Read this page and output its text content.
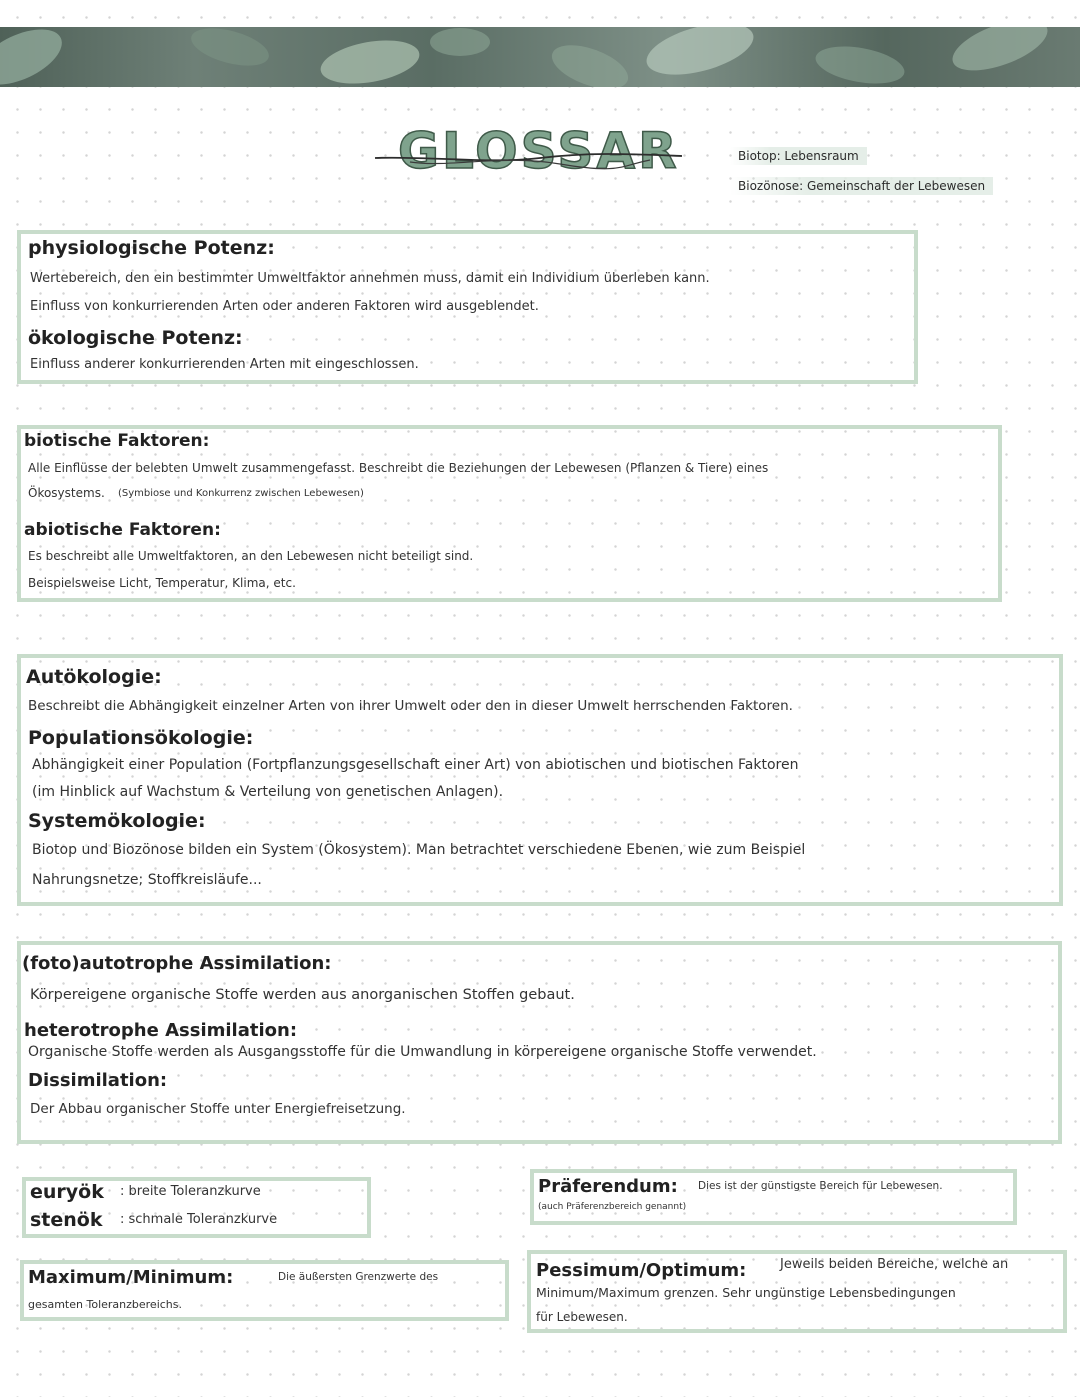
GLOSSAR	Biotop: Lebensraum
Biozönose: Gemeinschaft der Lebewesen
physiologische Potenz:
Wertebereich, den ein bestimmter Umweltfaktor annehmen muss, damit ein Individium überleben kann.
Einfluss von konkurrierenden Arten oder anderen Faktoren wird ausgeblendet.
ökologische Potenz:
Einfluss anderer konkurrierenden Arten mit eingeschlossen.
biotische Faktoren:
Alle Einflüsse der belebten Umwelt zusammengefasst. Beschreibt die Beziehungen der Lebewesen (Pflanzen & Tiere) eines
Ökosystems. (Symbiose und Konkurrenz zwischen Lebewesen)
abiotische Faktoren:
Es beschreibt alle Umweltfaktoren, an den Lebewesen nicht beteiligt sind.
Beispielsweise Licht, Temperatur, Klima, etc.
Autökologie:
Beschreibt die Abhängigkeit einzelner Arten von ihrer Umwelt oder den in dieser Umwelt herrschenden Faktoren.
Populationsökologie:
Abhängigkeit einer Population (Fortpflanzungsgesellschaft einer Art) von abiotischen und biotischen Faktoren
(im Hinblick auf Wachstum & Verteilung von genetischen Anlagen).
Systemökologie:
Biotop und Biozönose bilden ein System (Ökosystem). Man betrachtet verschiedene Ebenen, wie zum Beispiel
Nahrungsnetze; Stoffkreisläufe...
(foto)autotrophe Assimilation:
Körpereigene organische Stoffe werden aus anorganischen Stoffen gebaut.
heterotrophe Assimilation:
Organische Stoffe werden als Ausgangsstoffe für die Umwandlung in körpereigene organische Stoffe verwendet.
Dissimilation:
Der Abbau organischer Stoffe unter Energiefreisetzung.
euryök : breite Toleranzkurve
stenök : schmale Toleranzkurve
Präferendum: Dies ist der günstigste Bereich für Lebewesen.
(auch Präferenzbereich genannt)
Maximum/Minimum:	Die äußersten Grenzwerte des
gesamten Toleranzbereichs.
Pessimum/Optimum:	Jeweils beiden Bereiche, welche an
Minimum/Maximum grenzen. Sehr ungünstige Lebensbedingungen
für Lebewesen.
